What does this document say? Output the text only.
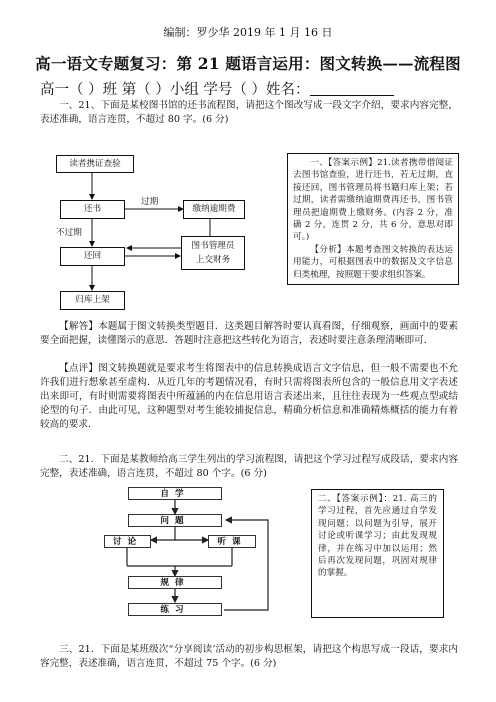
编制：罗少华 2019 年 1 月 16 日
高一语文专题复习：第 21 题语言运用：图文转换——流程图
高一（ ）班 第（ ）小组 学号（ ）姓名：
一、21、下面是某校图书馆的还书流程图，请把这个图改写成一段文字介绍，要求内容完整，表述准确，语言连贯，不超过 80 字。(6 分)
读者携证查验
还书	缴纳逾期费
还回
图书管理员
上交财务
归库上架
过期
不过期
一、【答案示例】21.读者携带借阅证去图书馆查验，进行还书，若无过期，直接还回，图书管理员将书籍归库上架；若过期，读者需缴纳逾期费再还书，图书管理员把逾期费上缴财务。(内容 2 分，准确 2 分，连贯 2 分，共 6 分，意思对即可。)
【分析】本题考查图文转换的表达运用能力，可根据图表中的数据及文字信息归类梳理，按照题干要求组织答案。
【解答】本题属于图文转换类型题目．这类题目解答时要认真看图，仔细观察，画面中的要素要全面把握，读懂图示的意思．答题时注意把这些转化为语言，表述时要注意条理清晰即可．
【点评】图文转换题就是要求考生将图表中的信息转换成语言文字信息，但一般不需要也不允许我们进行想象甚至虚构．从近几年的考题情况看，有时只需将图表所包含的一般信息用文字表述出来即可，有时则需要将图表中所蕴涵的内在信息用语言表述出来，且往往表现为一些观点型或结论型的句子．由此可见，这种题型对考生能较捕捉信息，精确分析信息和准确精炼概括的能力有着较高的要求．
二、21．下面是某教师给高三学生列出的学习流程图，请把这个学习过程写成段话，要求内容完整，表述准确，语言连贯，不超过 80 个字。(6 分)
自学
问题
讨论	听课
规律
练习
二、【答案示例】：21. 高三的学习过程，首先应通过自学发现问题；以问题为引导，展开讨论或听课学习；由此发现规律，并在练习中加以运用；然后再次发现问题，巩固对规律的掌握。
三、21．下面是某班级次“分享阅读’活动的初步构思框架，请把这个构思写成一段话，要求内容完整，表述准确，语言连贯，不超过 75 个字。(6 分)
